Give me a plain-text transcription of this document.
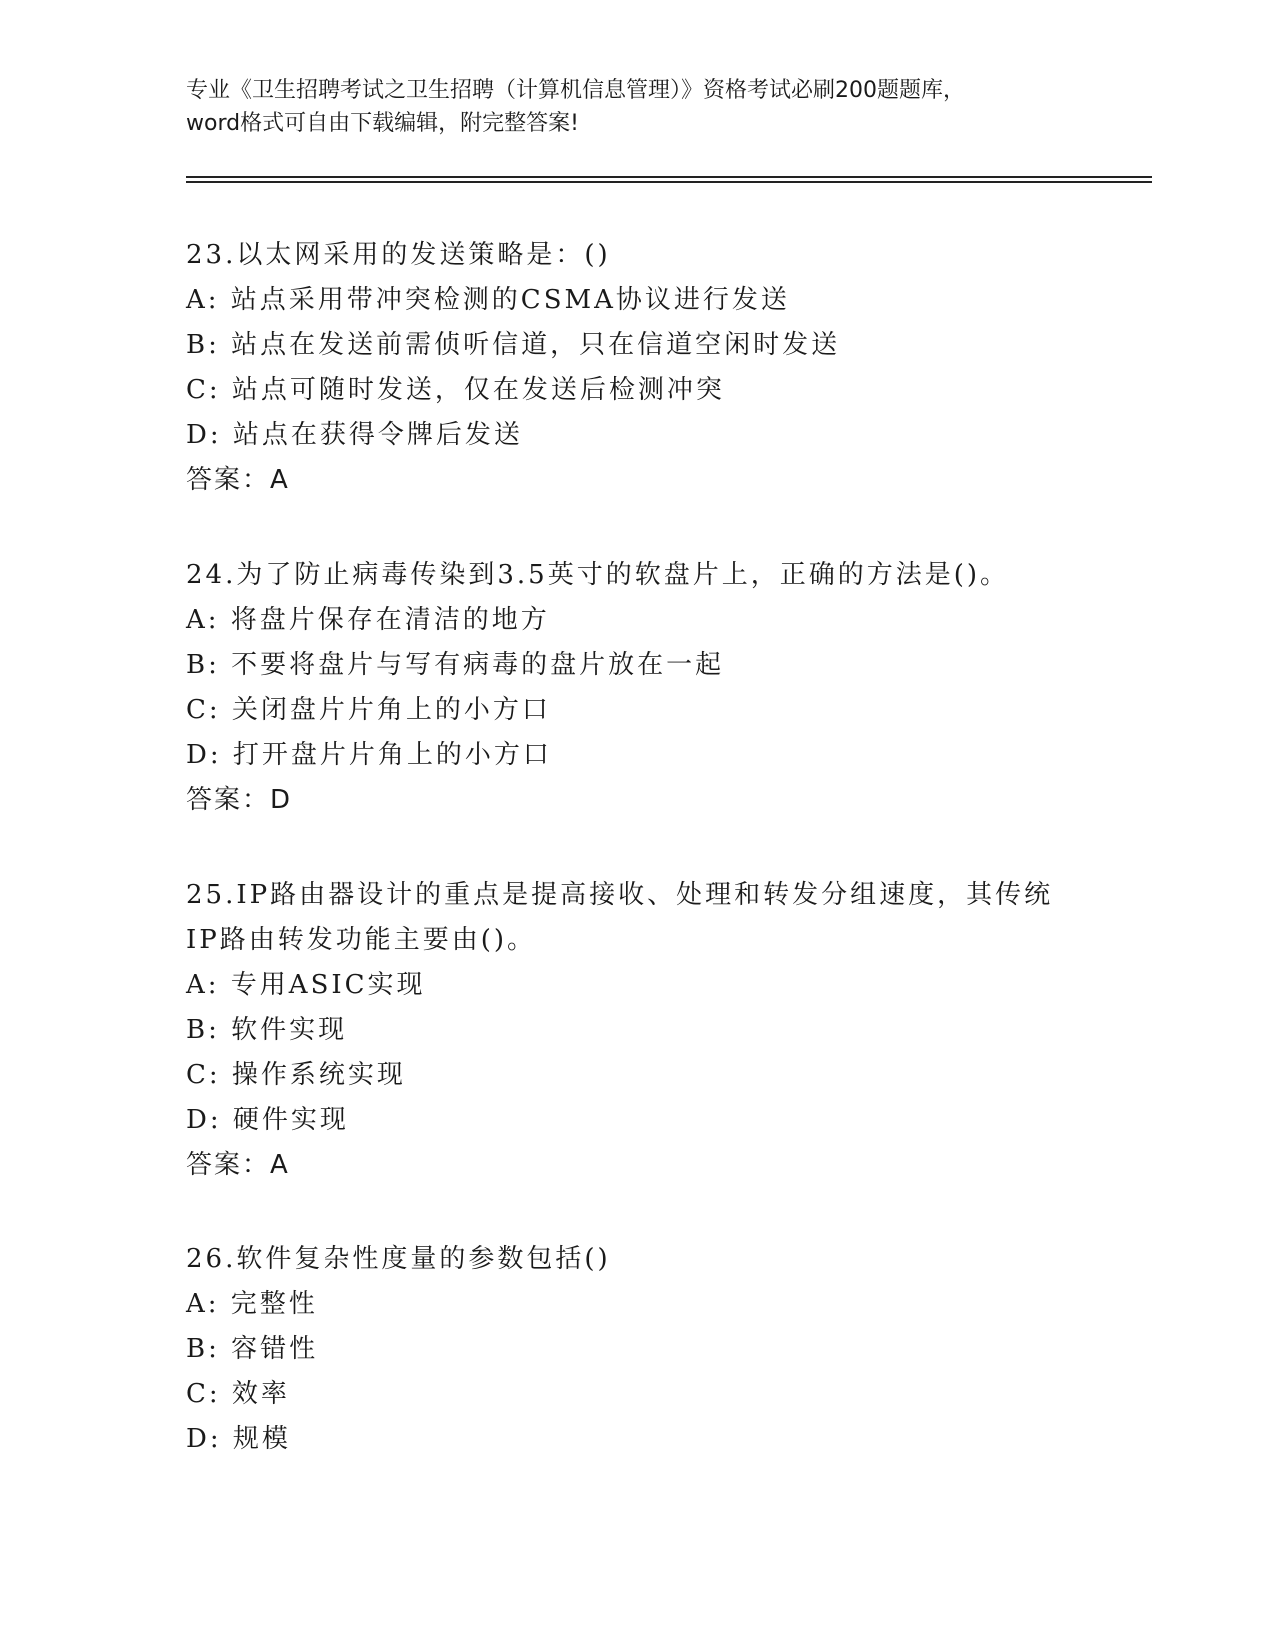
专业《卫生招聘考试之卫生招聘（计算机信息管理）》资格考试必刷200题题库，
word格式可自由下载编辑，附完整答案!
23.以太网采用的发送策略是：()
A: 站点采用带冲突检测的CSMA协议进行发送
B: 站点在发送前需侦听信道，只在信道空闲时发送
C: 站点可随时发送，仅在发送后检测冲突
D: 站点在获得令牌后发送
答案：A
24.为了防止病毒传染到3.5英寸的软盘片上，正确的方法是()。
A: 将盘片保存在清洁的地方
B: 不要将盘片与写有病毒的盘片放在一起
C: 关闭盘片片角上的小方口
D: 打开盘片片角上的小方口
答案：D
25.IP路由器设计的重点是提高接收、处理和转发分组速度，其传统
IP路由转发功能主要由()。
A: 专用ASIC实现
B: 软件实现
C: 操作系统实现
D: 硬件实现
答案：A
26.软件复杂性度量的参数包括()
A: 完整性
B: 容错性
C: 效率
D: 规模
